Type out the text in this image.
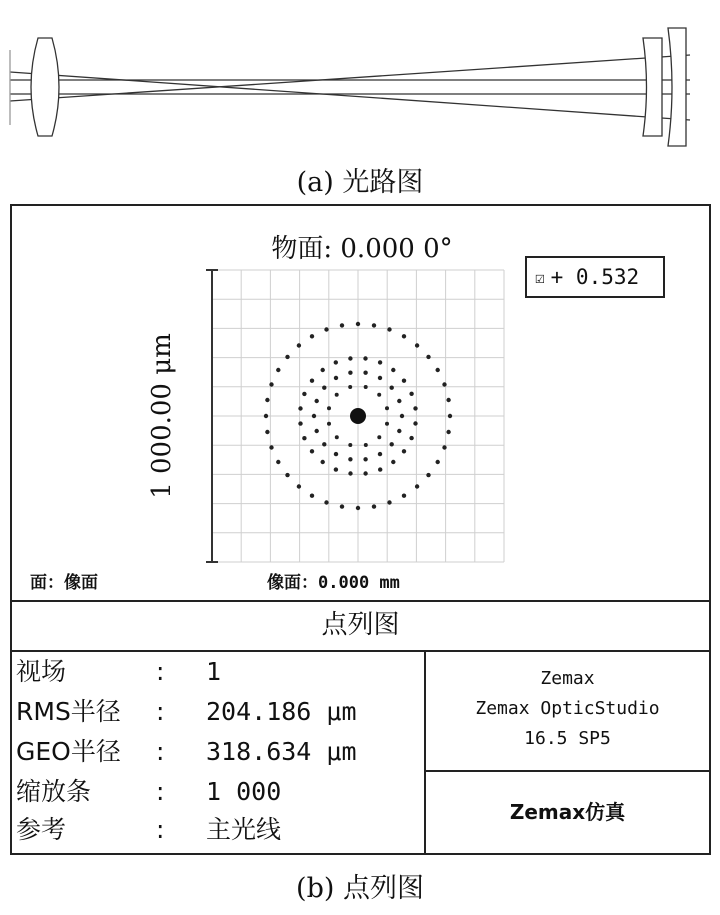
(a) 光路图
物面: 0.000 0°
☑ + 0.532
1 000.00 μm
面：像面	像面：0.000 mm
点列图
视场	: 1
RMS半径 : 204.186 μm
GEO半径 : 318.634 μm
缩放条	: 1 000
参考	: 主光线
Zemax
Zemax OpticStudio
16.5 SP5
Zemax仿真
(b) 点列图
